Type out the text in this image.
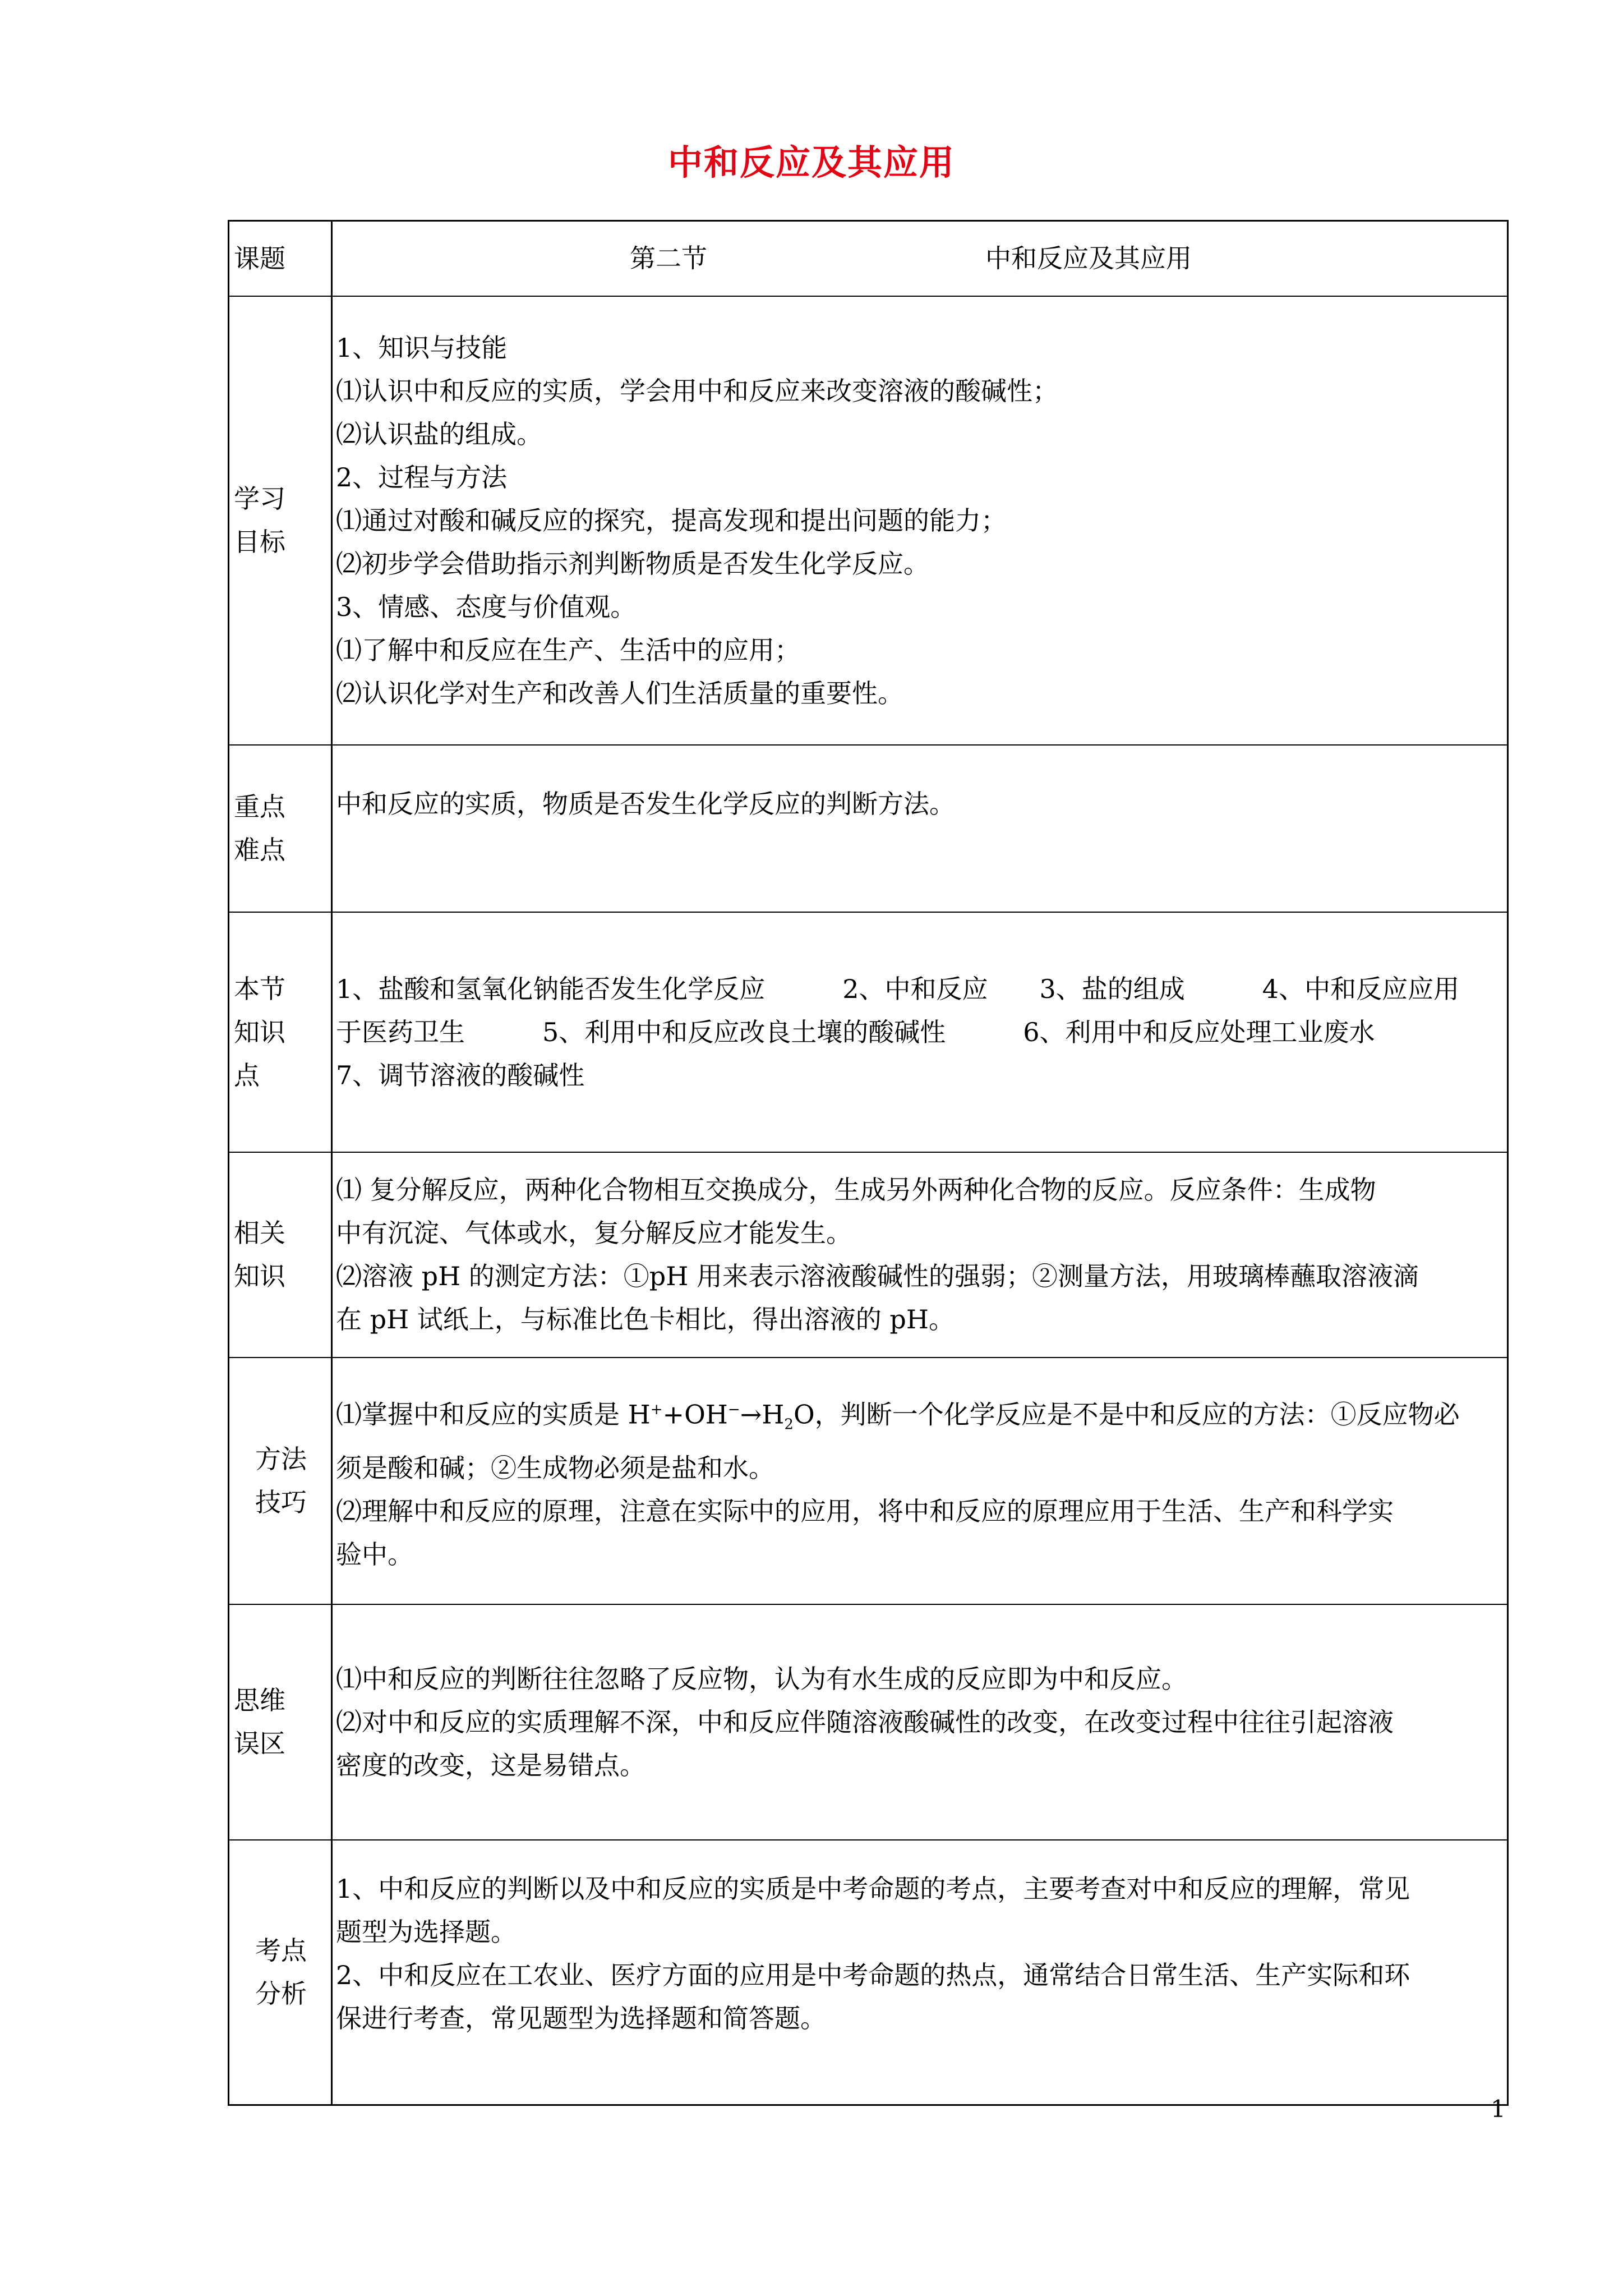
中和反应及其应用
课题	第二节	中和反应及其应用
学习
目标

1、知识与技能

⑴认识中和反应的实质，学会用中和反应来改变溶液的酸碱性；

⑵认识盐的组成。

2、过程与方法

⑴通过对酸和碱反应的探究，提高发现和提出问题的能力；

⑵初步学会借助指示剂判断物质是否发生化学反应。

3、情感、态度与价值观。

⑴了解中和反应在生产、生活中的应用；

⑵认识化学对生产和改善人们生活质量的重要性。

重点
难点

中和反应的实质，物质是否发生化学反应的判断方法。

本节
知识
点

1、盐酸和氢氧化钠能否发生化学反应　　　2、中和反应　　3、盐的组成　　　4、中和反应应用

于医药卫生　　　5、利用中和反应改良土壤的酸碱性　　　6、利用中和反应处理工业废水

7、调节溶液的酸碱性

相关
知识

⑴ 复分解反应，两种化合物相互交换成分，生成另外两种化合物的反应。反应条件：生成物

中有沉淀、气体或水，复分解反应才能发生。

⑵溶液 pH 的测定方法：①pH 用来表示溶液酸碱性的强弱；②测量方法，用玻璃棒蘸取溶液滴

在 pH 试纸上，与标准比色卡相比，得出溶液的 pH。

方法
技巧

⑴掌握中和反应的实质是 $H^++OH^-\to H_2O$，判断一个化学反应是不是中和反应的方法：①反应物必

须是酸和碱；②生成物必须是盐和水。

⑵理解中和反应的原理，注意在实际中的应用，将中和反应的原理应用于生活、生产和科学实

验中。

思维
误区

⑴中和反应的判断往往忽略了反应物，认为有水生成的反应即为中和反应。

⑵对中和反应的实质理解不深，中和反应伴随溶液酸碱性的改变，在改变过程中往往引起溶液

密度的改变，这是易错点。

考点
分析

1、中和反应的判断以及中和反应的实质是中考命题的考点，主要考查对中和反应的理解，常见

题型为选择题。

2、中和反应在工农业、医疗方面的应用是中考命题的热点，通常结合日常生活、生产实际和环

保进行考查，常见题型为选择题和简答题。

1
